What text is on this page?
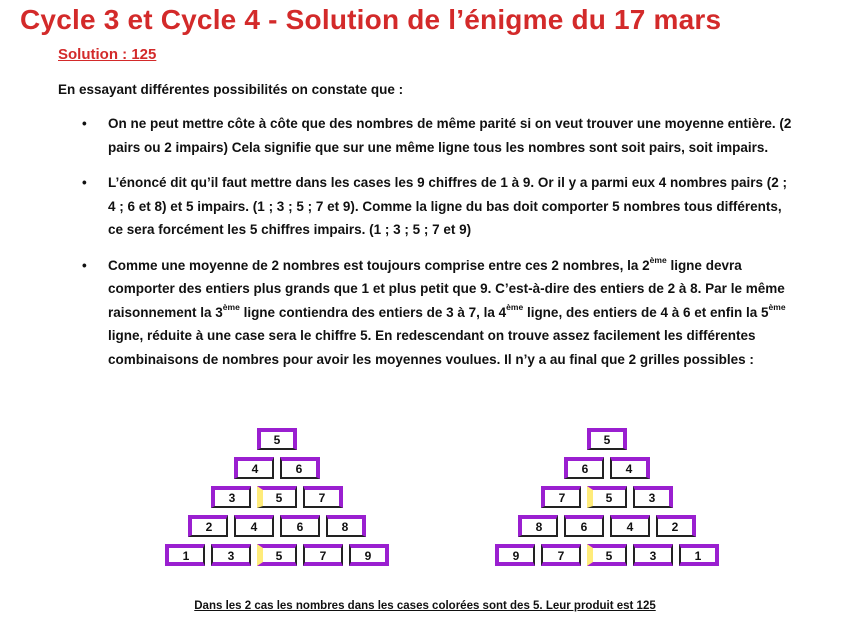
Cycle 3 et Cycle 4 - Solution de l’énigme du 17 mars
Solution : 125
En essayant différentes possibilités on constate que :
• On ne peut mettre côte à côte que des nombres de même parité si on veut trouver une moyenne entière. (2 pairs ou 2 impairs) Cela signifie que sur une même ligne tous les nombres sont soit pairs, soit impairs.
• L’énoncé dit qu’il faut mettre dans les cases les 9 chiffres de 1 à 9. Or il y a parmi eux 4 nombres pairs (2 ; 4 ; 6 et 8) et 5 impairs. (1 ; 3 ; 5 ; 7 et 9). Comme la ligne du bas doit comporter 5 nombres tous différents, ce sera forcément les 5 chiffres impairs. (1 ; 3 ; 5 ; 7 et 9)
• Comme une moyenne de 2 nombres est toujours comprise entre ces 2 nombres, la 2ème ligne devra comporter des entiers plus grands que 1 et plus petit que 9. C’est-à-dire des entiers de 2 à 8. Par le même raisonnement la 3ème ligne contiendra des entiers de 3 à 7, la 4ème ligne, des entiers de 4 à 6 et enfin la 5ème ligne, réduite à une case sera le chiffre 5. En redescendant on trouve assez facilement les différentes combinaisons de nombres pour avoir les moyennes voulues. Il n’y a au final que 2 grilles possibles :
5
4	6
3	5	7
2	4	6	8
1	3	5	7	9
5
6	4
7	5	3
8	6	4	2
9	7	5	3	1
Dans les 2 cas les nombres dans les cases colorées sont des 5. Leur produit est 125
